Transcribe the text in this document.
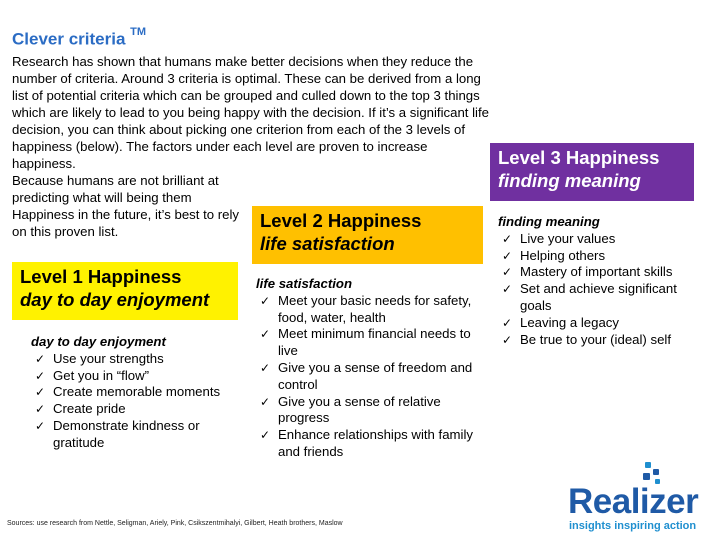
Clever criteria ™
Research has shown that humans make better decisions when they reduce the number of criteria. Around 3 criteria is optimal. These can be derived from a long list of potential criteria which can be grouped and culled down to the top 3 things which are likely to lead to you being happy with the decision. If it’s a significant life decision, you can think about picking one criterion from each of the 3 levels of happiness (below). The factors under each level are proven to increase happiness.
Because humans are not brilliant at predicting what will being them Happiness in the future, it’s best to rely on this proven list.
Level 1 Happiness
day to day enjoyment
Level 2 Happiness
life satisfaction
Level 3 Happiness
finding meaning
day to day enjoyment
✓ Use your strengths
✓ Get you in “flow”
✓ Create memorable moments
✓ Create pride
✓ Demonstrate kindness or gratitude
life satisfaction
✓ Meet your basic needs for safety, food, water, health
✓ Meet minimum financial needs to live
✓ Give you a sense of freedom and control
✓ Give you a sense of relative progress
✓ Enhance relationships with family and friends
finding meaning
✓ Live your values
✓ Helping others
✓ Mastery of important skills
✓ Set and achieve significant goals
✓ Leaving a legacy
✓ Be true to your (ideal) self
Sources: use research from Nettle, Seligman, Ariely, Pink, Csikszentmihalyi, Gilbert, Heath brothers, Maslow
Realizer
insights inspiring action
